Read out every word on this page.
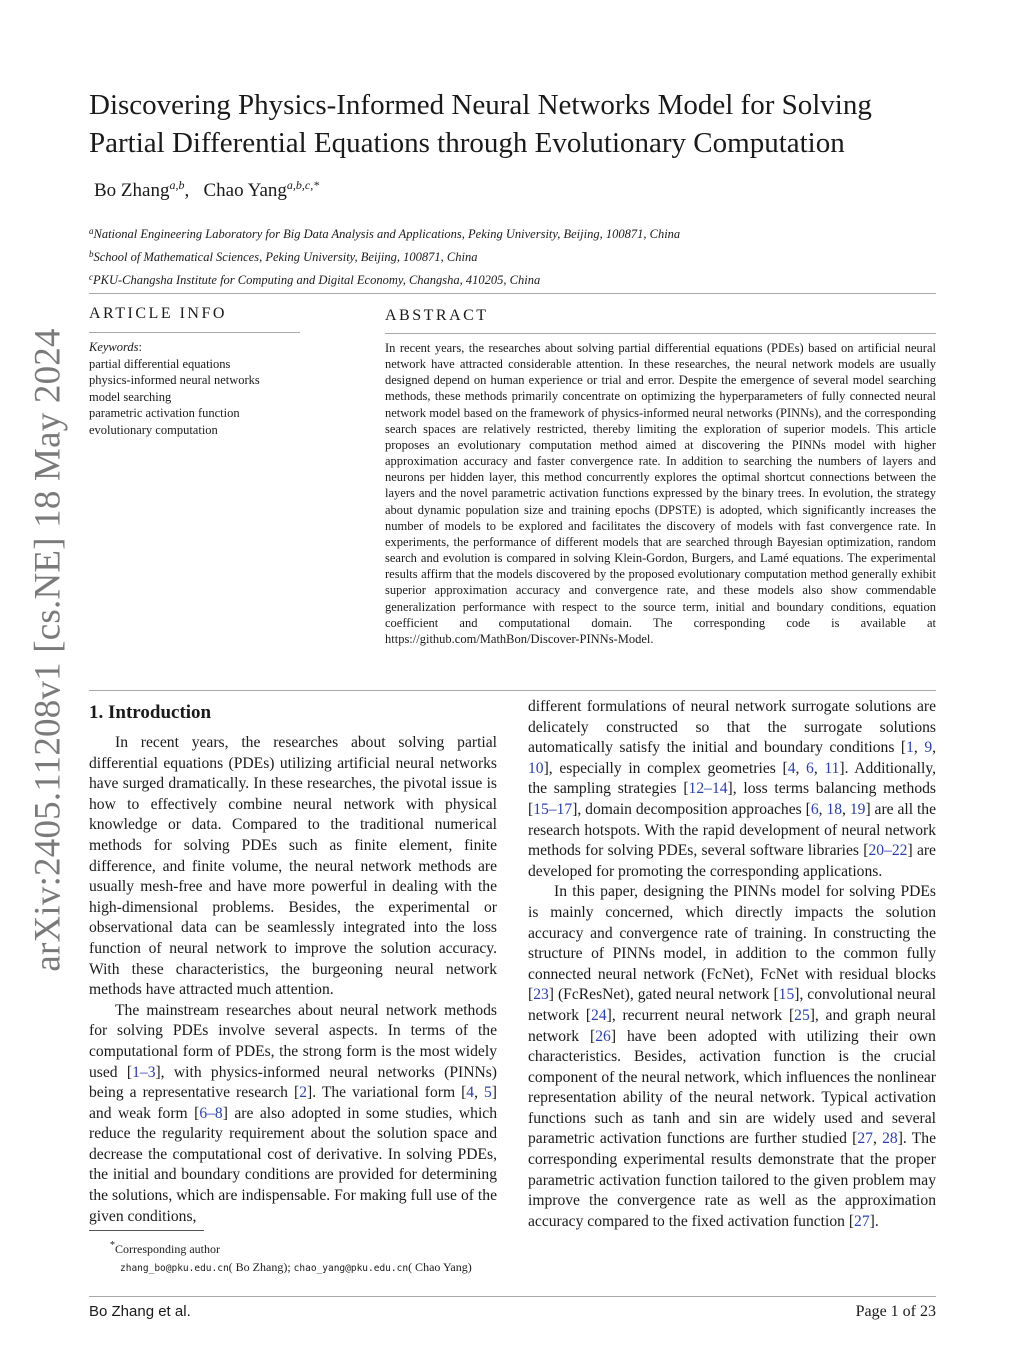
arXiv:2405.11208v1 [cs.NE] 18 May 2024
Discovering Physics-Informed Neural Networks Model for Solving Partial Differential Equations through Evolutionary Computation
Bo Zhang$^{a,b}$,   Chao Yang$^{a,b,c,*}$
$^a$National Engineering Laboratory for Big Data Analysis and Applications, Peking University, Beijing, 100871, China
$^b$School of Mathematical Sciences, Peking University, Beijing, 100871, China
$^c$PKU-Changsha Institute for Computing and Digital Economy, Changsha, 410205, China
ARTICLE INFO
Keywords:
partial differential equations
physics-informed neural networks
model searching
parametric activation function
evolutionary computation
ABSTRACT

In recent years, the researches about solving partial differential equations (PDEs) based on artificial neural network have attracted considerable attention. In these researches, the neural network models are usually designed depend on human experience or trial and error. Despite the emergence of several model searching methods, these methods primarily concentrate on optimizing the hyperparameters of fully connected neural network model based on the framework of physics-informed neural networks (PINNs), and the corresponding search spaces are relatively restricted, thereby limiting the exploration of superior models. This article proposes an evolutionary computation method aimed at discovering the PINNs model with higher approximation accuracy and faster convergence rate. In addition to searching the numbers of layers and neurons per hidden layer, this method concurrently explores the optimal shortcut connections between the layers and the novel parametric activation functions expressed by the binary trees. In evolution, the strategy about dynamic population size and training epochs (DPSTE) is adopted, which significantly increases the number of models to be explored and facilitates the discovery of models with fast convergence rate. In experiments, the performance of different models that are searched through Bayesian optimization, random search and evolution is compared in solving Klein-Gordon, Burgers, and Lamé equations. The experimental results affirm that the models discovered by the proposed evolutionary computation method generally exhibit superior approximation accuracy and convergence rate, and these models also show commendable generalization performance with respect to the source term, initial and boundary conditions, equation coefficient and computational domain. The corresponding code is available at https://github.com/MathBon/Discover-PINNs-Model.

1. Introduction

In recent years, the researches about solving partial differential equations (PDEs) utilizing artificial neural networks have surged dramatically. In these researches, the pivotal issue is how to effectively combine neural network with physical knowledge or data. Compared to the traditional numerical methods for solving PDEs such as finite element, finite difference, and finite volume, the neural network methods are usually mesh-free and have more powerful in dealing with the high-dimensional problems. Besides, the experimental or observational data can be seamlessly integrated into the loss function of neural network to improve the solution accuracy. With these characteristics, the burgeoning neural network methods have attracted much attention.

The mainstream researches about neural network methods for solving PDEs involve several aspects. In terms of the computational form of PDEs, the strong form is the most widely used [1–3], with physics-informed neural networks (PINNs) being a representative research [2]. The variational form [4, 5] and weak form [6–8] are also adopted in some studies, which reduce the regularity requirement about the solution space and decrease the computational cost of derivative. In solving PDEs, the initial and boundary conditions are provided for determining the solutions, which are indispensable. For making full use of the given conditions,

different formulations of neural network surrogate solutions are delicately constructed so that the surrogate solutions automatically satisfy the initial and boundary conditions [1, 9, 10], especially in complex geometries [4, 6, 11]. Additionally, the sampling strategies [12–14], loss terms balancing methods [15–17], domain decomposition approaches [6, 18, 19] are all the research hotspots. With the rapid development of neural network methods for solving PDEs, several software libraries [20–22] are developed for promoting the corresponding applications.

In this paper, designing the PINNs model for solving PDEs is mainly concerned, which directly impacts the solution accuracy and convergence rate of training. In constructing the structure of PINNs model, in addition to the common fully connected neural network (FcNet), FcNet with residual blocks [23] (FcResNet), gated neural network [15], convolutional neural network [24], recurrent neural network [25], and graph neural network [26] have been adopted with utilizing their own characteristics. Besides, activation function is the crucial component of the neural network, which influences the nonlinear representation ability of the neural network. Typical activation functions such as tanh and sin are widely used and several parametric activation functions are further studied [27, 28]. The corresponding experimental results demonstrate that the proper parametric activation function tailored to the given problem may improve the convergence rate as well as the approximation accuracy compared to the fixed activation function [27].

*Corresponding author
zhang_bo@pku.edu.cn( Bo Zhang); chao_yang@pku.edu.cn( Chao Yang)
Bo Zhang et al.	Page 1 of 23
